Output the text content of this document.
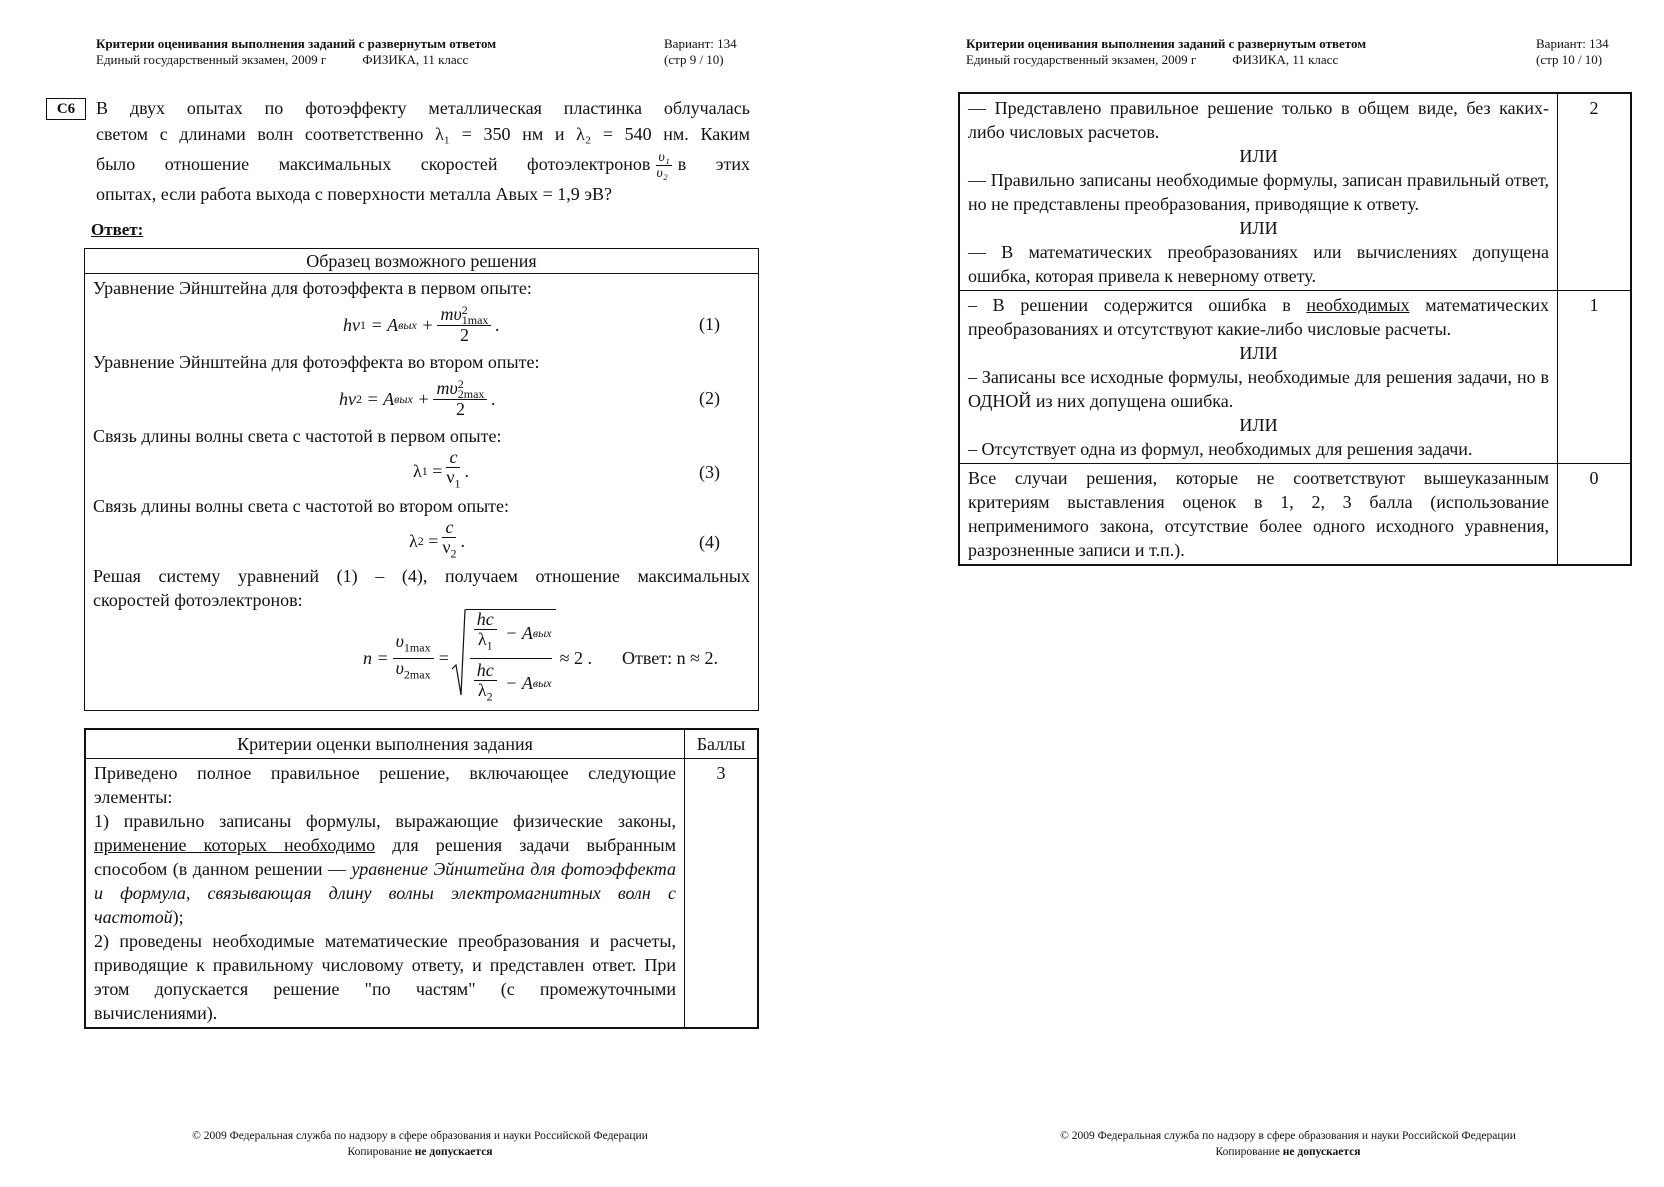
Критерии оценивания выполнения заданий с развернутым ответом
Единый государственный экзамен, 2009 г	ФИЗИКА, 11 класс
Вариант: 134
(стр 9 / 10)
С6	В двух опытах по фотоэффекту металлическая пластинка облучалась
светом с длинами волн соответственно λ₁ = 350 нм и λ₂ = 540 нм. Каким
было отношение максимальных скоростей фотоэлектронов $\frac{\text{υ₁}}{\text{υ₂}}$ в этих
опытах, если работа выхода с поверхности металла Aвых = 1,9 эВ?
Ответ:
Образец возможного решения
Уравнение Эйнштейна для фотоэффекта в первом опыте:
hν 1 = A вых +
mυ 2
1max
2
.	(1)
Уравнение Эйнштейна для фотоэффекта во втором опыте:
hν 2 = A вых +
mυ 2
2max
2
.	(2)
Связь длины волны света с частотой в первом опыте:
λ 1 =
c
$\nu_1$
.	(3)
Связь длины волны света с частотой во втором опыте:
λ 2 =
c
$\nu_2$
.	(4)
Решая систему уравнений (1) – (4), получаем отношение максимальных
скоростей фотоэлектронов:
n =
$\upsilon_{1max}$
$\upsilon_{2max}$
=
hc
$\lambda_1$
− A вых
hc
$\lambda_2$
− A вых
≈ 2 . Ответ: n ≈ 2.
Критерии оценки выполнения задания	Баллы

Приведено полное правильное решение, включающее следующие элементы:
1) правильно записаны формулы, выражающие физические законы, применение которых необходимо для решения задачи выбранным способом (в данном решении — уравнение Эйнштейна для фотоэффекта и формула, связывающая длину волны электромагнитных волн с частотой);
2) проведены необходимые математические преобразования и расчеты, приводящие к правильному числовому ответу, и представлен ответ. При этом допускается решение "по частям" (с промежуточными вычислениями).	3
© 2009 Федеральная служба по надзору в сфере образования и науки Российской Федерации
Копирование не допускается
Критерии оценивания выполнения заданий с развернутым ответом
Единый государственный экзамен, 2009 г	ФИЗИКА, 11 класс
Вариант: 134
(стр 10 / 10)
— Представлено правильное решение только в общем виде, без каких-либо числовых расчетов.
ИЛИ
— Правильно записаны необходимые формулы, записан правильный ответ, но не представлены преобразования, приводящие к ответу.
ИЛИ
— В математических преобразованиях или вычислениях допущена ошибка, которая привела к неверному ответу.	2

– В решении содержится ошибка в необходимых математических преобразованиях и отсутствуют какие-либо числовые расчеты.
ИЛИ
– Записаны все исходные формулы, необходимые для решения задачи, но в ОДНОЙ из них допущена ошибка.
ИЛИ
– Отсутствует одна из формул, необходимых для решения задачи.	1
Все случаи решения, которые не соответствуют вышеуказанным критериям выставления оценок в 1, 2, 3 балла (использование неприменимого закона, отсутствие более одного исходного уравнения, разрозненные записи и т.п.).	0
© 2009 Федеральная служба по надзору в сфере образования и науки Российской Федерации
Копирование не допускается
